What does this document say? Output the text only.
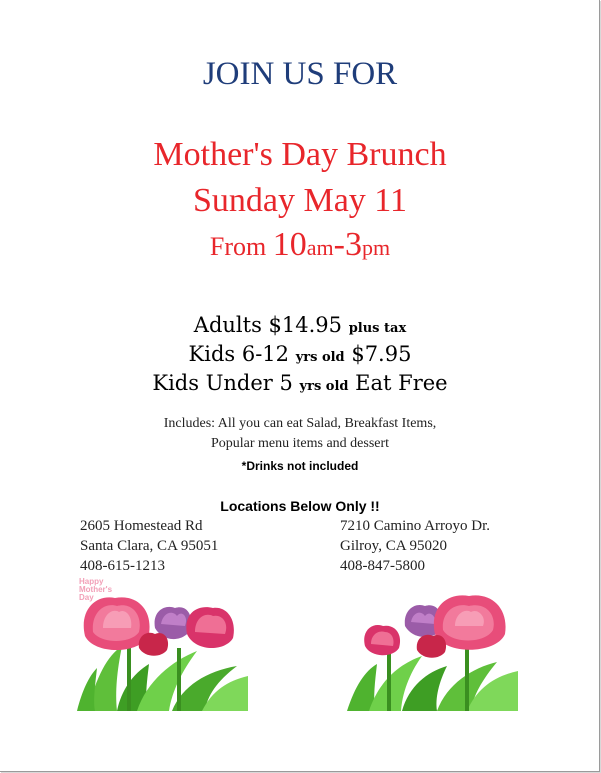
JOIN US FOR
Mother's Day Brunch
Sunday May 11
From 10am-3pm
Adults $14.95 plus tax
Kids 6-12 yrs old $7.95
Kids Under 5 yrs old Eat Free
Includes: All you can eat Salad, Breakfast Items,
Popular menu items and dessert
*Drinks not included
Locations Below Only !!
2605 Homestead Rd
Santa Clara, CA 95051
408-615-1213
7210 Camino Arroyo Dr.
Gilroy, CA 95020
408-847-5800
Happy
Mother's
Day
